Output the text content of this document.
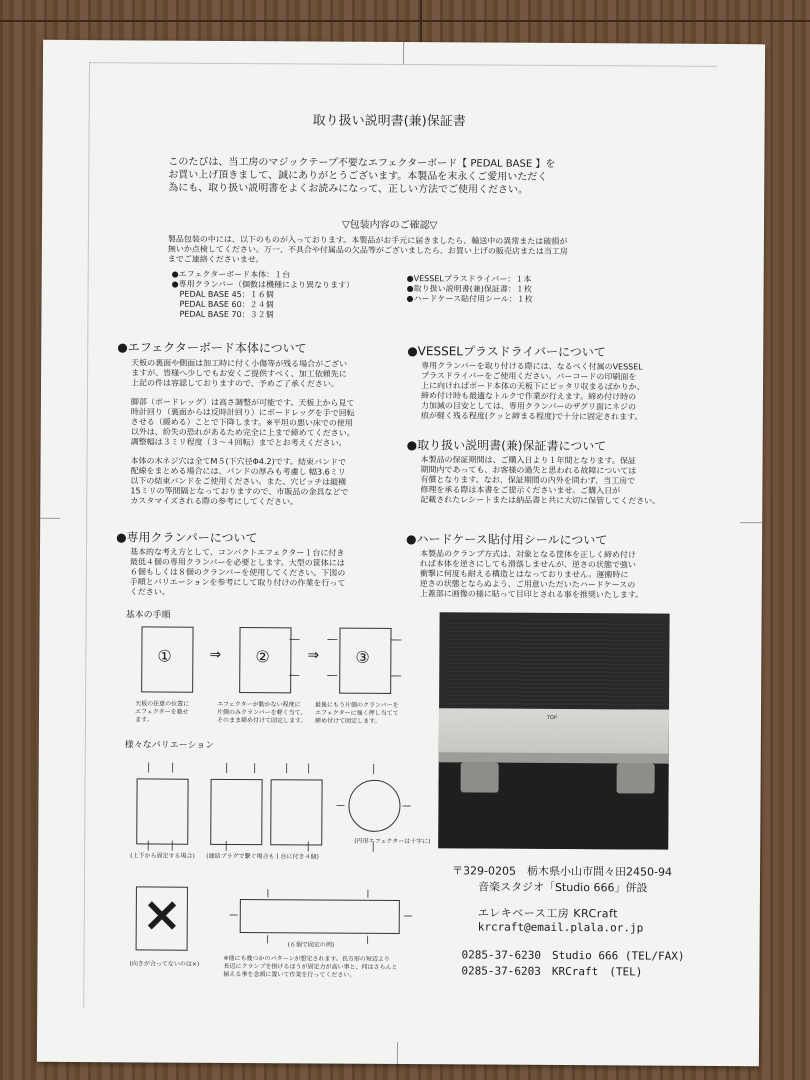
取り扱い説明書(兼)保証書
このたびは、当工房のマジックテープ不要なエフェクターボード【 PEDAL BASE 】を
お買い上げ頂きまして、誠にありがとうございます。本製品を末永くご愛用いただく
為にも、取り扱い説明書をよくお読みになって、正しい方法でご使用ください。
▽包装内容のご確認▽
製品包装の中には、以下のものが入っております。本製品がお手元に届きましたら、輸送中の異常または破損が
無いか点検してください。万一、不具合や付属品の欠品等がございましたら、お買い上げの販売店または当工房
までご連絡くださいませ。
●エフェクターボード本体：１台
●専用クランパー（個数は機種により異なります）
　PEDAL BASE 45：１６個
　PEDAL BASE 60：２４個
　PEDAL BASE 70：３２個
●VESSELプラスドライバー：１本
●取り扱い説明書(兼)保証書：１枚
●ハードケース貼付用シール：１枚
●エフェクターボード本体について
天板の裏面や側面は加工時に付く小傷等が残る場合がござい
ますが、皆様へ少しでもお安くご提供すべく、加工依頼先に
上記の件は容認しておりますので、予めご了承ください。
脚部（ボードレッグ）は高さ調整が可能です。天板上から見て
時計回り（裏面からは反時計回り）にボードレッグを手で回転
させる（緩める）ことで下降します。※平坦の悪い床での使用
以外は、紛失の恐れがあるため完全に上まで締めてください。
調整幅は３ミリ程度（３～４回転）までとお考えください。
本体の木ネジ穴は全てM５(下穴径Φ4.2)です。結束バンドで
配線をまとめる場合には、バンドの厚みも考慮し 幅3.6ミリ
以下の結束バンドをご使用ください。また、穴ピッチは縦横
15ミリの等間隔となっておりますので、市販品の金具などで
カスタマイズされる際の参考にしてください。
●VESSELプラスドライバーについて
専用クランパーを取り付ける際には、なるべく付属のVESSEL
プラスドライバーをご使用ください。バーコードの印刷面を
上に向ければボード本体の天板下にピッタリ収まるばかりか、
締め付け時も最適なトルクで作業が行えます。締め付け時の
力加減の目安としては、専用クランパーのザグリ面にネジの
痕が軽く残る程度(クッと締まる程度)で十分に固定されます。
●取り扱い説明書(兼)保証書について
本製品の保証期間は、ご購入日より１年間となります。保証
期間内であっても、お客様の過失と思われる故障については
有償となります。なお、保証期間の内外を問わず、当工房で
修理を承る際は本書をご提示くださいませ。ご購入日が
記載されたレシートまたは納品書と共に大切に保管してください。
●専用クランパーについて
基本的な考え方として、コンパクトエフェクター１台に付き
最低４個の専用クランパーを必要とします。大型の筐体には
６個もしくは８個のクランパーを使用してください。下図の
手順とバリエーションを参考にして取り付けの作業を行って
ください。
●ハードケース貼付用シールについて
本製品のクランプ方式は、対象となる筐体を正しく締め付け
れば本体を逆さにしても滑落しませんが、逆さの状態で強い
衝撃に何度も耐える構造とはなっておりません。運搬時に
逆さの状態とならぬよう、ご用意いただいたハードケースの
上蓋部に画像の様に貼って目印とされる事を推奨いたします。
基本の手順
①	⇒ ②	⇒ ③
天板の任意の位置に
エフェクターを載せ
ます。
エフェクターが動かない程度に
片側のみクランパーを軽く当て、
そのまま締め付けて固定します。
最後にもう片側のクランパーを
エフェクターに強く押し当てて
締め付けて固定します。
様々なバリエーション
(上下から固定する場合) (連結プラグで繋ぐ場合も１台に付き４個)
(円形エフェクターは十字に)
×
(向きが合ってないのは×)
(６個で固定の例)
※他にも幾つかのパターンが想定されます。長方形の短辺より
長辺にクランプを掛けるほうが固定力が高い事と、何はさらんと
揃える事を念頭に置いて作業を行ってください。
TOP
〒329-0205　栃木県小山市間々田2450-94
音楽スタジオ「Studio 666」併設
エレキベース工房 KRCraft
krcraft@email.plala.or.jp
0285-37-6230　Studio 666 (TEL/FAX)
0285-37-6203　KRCraft　(TEL)
